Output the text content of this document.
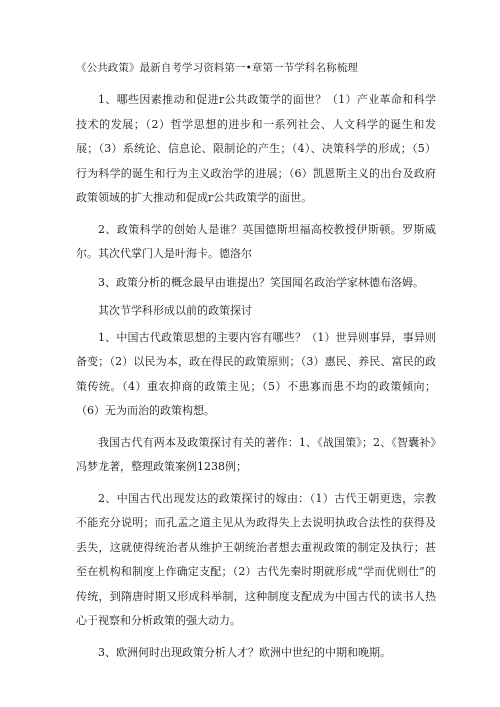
《公共政策》最新自考学习资料第一•章第一节学科名称梳理

1、哪些因素推动和促进r公共政策学的面世？（1）产业革命和科学技术的发展；（2）哲学思想的进步和一系列社会、人文科学的诞生和发展；（3）系统论、信息论、限制论的产生；（4）、决策科学的形成；（5）行为科学的诞生和行为主义政治学的进展；（6）凯恩斯主义的出台及政府政策领域的扩大推动和促成r公共政策学的面世。

2、政策科学的创始人是谁？英国德斯坦福高校教授伊斯顿。罗斯威尔。其次代掌门人是叶海卡。德洛尔

3、政策分析的概念最早由谁提出？笑国闻名政治学家林德布洛姆。

其次节学科形成以前的政策探讨

1、中国古代政策思想的主要内容有哪些？（1）世异则事异，事异则备变；（2）以民为本，政在得民的政策原则；（3）惠民、养民、富民的政策传统。（4）重农抑商的政策主见；（5）不患寡而患不均的政策倾向；（6）无为而治的政策构想。

我国古代有两本及政策探讨有关的著作：1、《战国策》；2、《智囊补》冯梦龙著，整理政策案例1238例；

2、中国古代出现发达的政策探讨的嫁由：（1）古代王朝更迭，宗教不能充分说明；而孔孟之道主见从为政得失上去说明执政合法性的获得及丢失，这就使得统治者从维护王朝统治者想去重视政策的制定及执行；甚至在机构和制度上作确定支配；（2）古代先秦时期就形成“学而优则仕”的传统，到隋唐时期又形成科举制，这种制度支配成为中国古代的读书人热心于视察和分析政策的强大动力。

3、欧洲何时出现政策分析人才？欧洲中世纪的中期和晚期。
